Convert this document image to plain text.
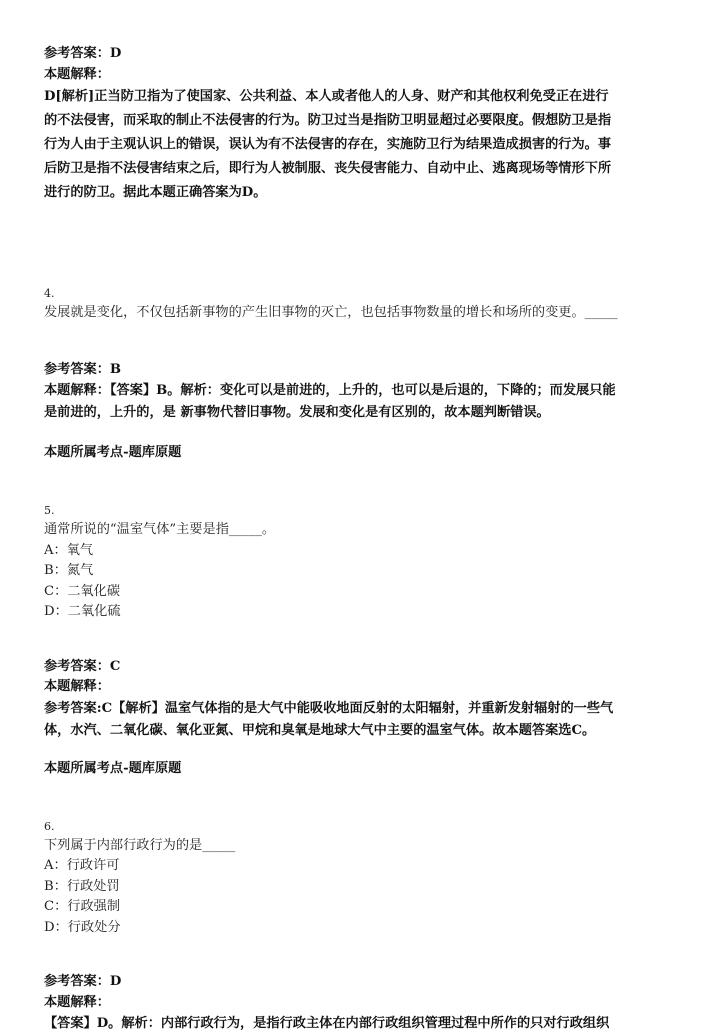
参考答案：D
本题解释：
D[解析]正当防卫指为了使国家、公共利益、本人或者他人的人身、财产和其他权利免受正在进行
的不法侵害，而采取的制止不法侵害的行为。防卫过当是指防卫明显超过必要限度。假想防卫是指
行为人由于主观认识上的错误，误认为有不法侵害的存在，实施防卫行为结果造成损害的行为。事
后防卫是指不法侵害结束之后，即行为人被制服、丧失侵害能力、自动中止、逃离现场等情形下所
进行的防卫。据此本题正确答案为D。
4.
发展就是变化，不仅包括新事物的产生旧事物的灭亡，也包括事物数量的增长和场所的变更。_____
参考答案：B
本题解释：【答案】B。解析：变化可以是前进的，上升的，也可以是后退的，下降的；而发展只能
是前进的，上升的，是 新事物代替旧事物。发展和变化是有区别的，故本题判断错误。
本题所属考点-题库原题
5.
通常所说的“温室气体”主要是指_____。
A：氧气
B：氮气
C：二氧化碳
D：二氧化硫
参考答案：C
本题解释：
参考答案:C【解析】温室气体指的是大气中能吸收地面反射的太阳辐射，并重新发射辐射的一些气
体，水汽、二氧化碳、氧化亚氮、甲烷和臭氧是地球大气中主要的温室气体。故本题答案选C。
本题所属考点-题库原题
6.
下列属于内部行政行为的是_____
A：行政许可
B：行政处罚
C：行政强制
D：行政处分
参考答案：D
本题解释：
【答案】D。解析：内部行政行为，是指行政主体在内部行政组织管理过程中所作的只对行政组织
